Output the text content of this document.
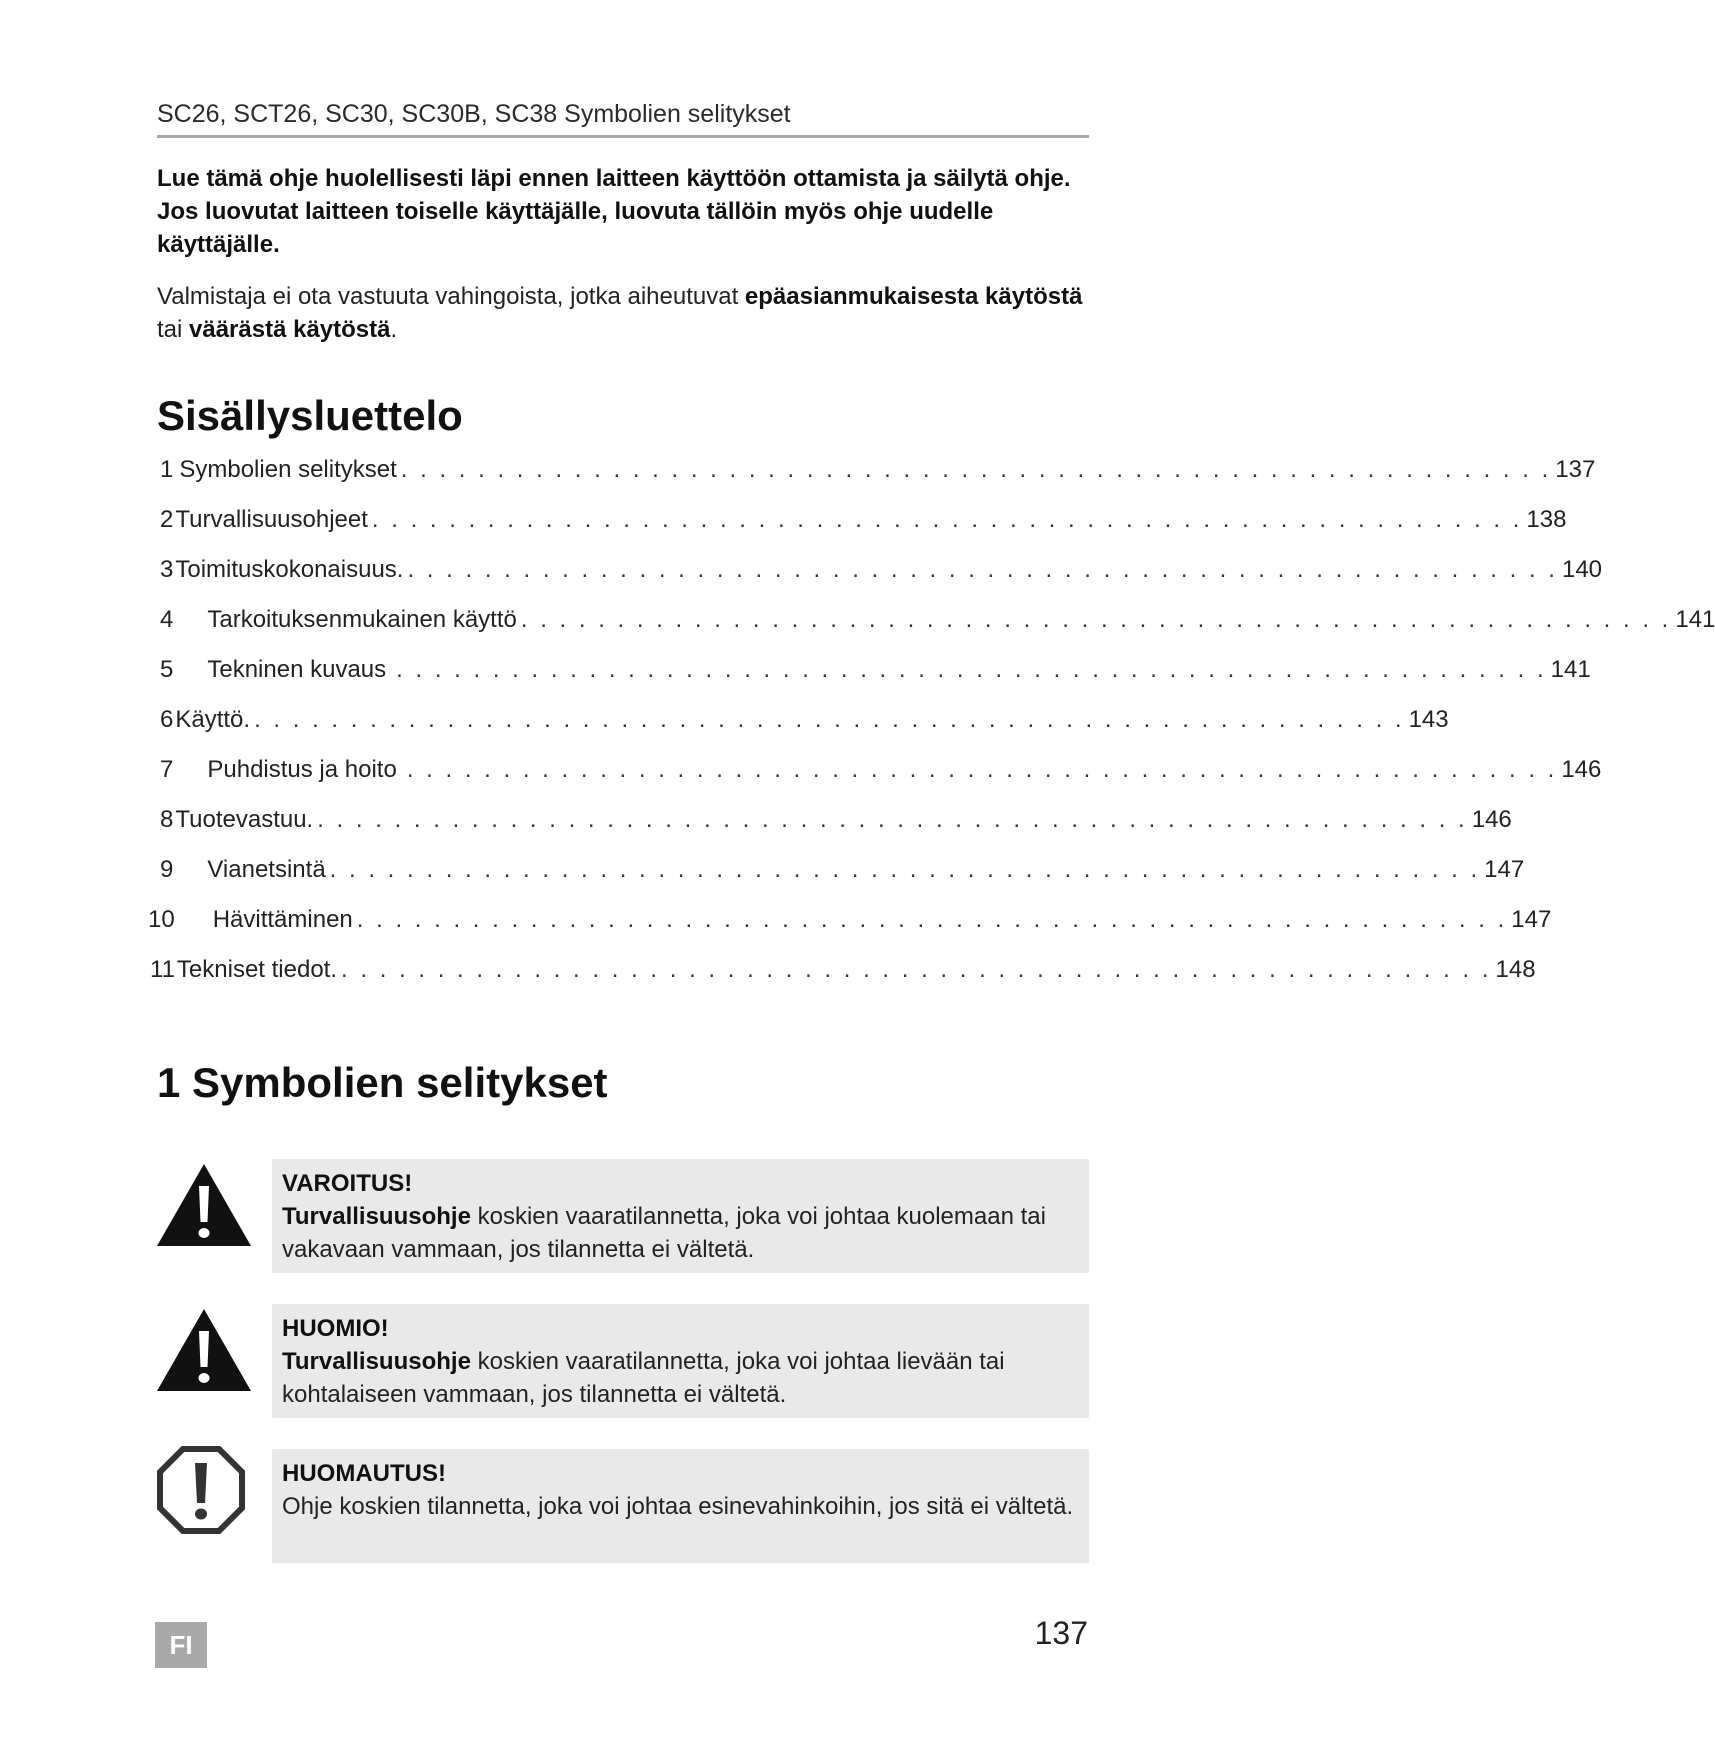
SC26, SCT26, SC30, SC30B, SC38 Symbolien selitykset
Lue tämä ohje huolellisesti läpi ennen laitteen käyttöön ottamista ja säilytä ohje. Jos luovutat laitteen toiselle käyttäjälle, luovuta tällöin myös ohje uudelle käyttäjälle.
Valmistaja ei ota vastuuta vahingoista, jotka aiheutuvat epäasianmukaisesta käytöstä tai väärästä käytöstä.
Sisällysluettelo
1 Symbolien selitykset . . . . . . . . . . . . . . . . . . . . . . . . . . . . . . . . . . . . . . . . . . . . . . . . . . . . . . . . . . . . 137
2 Turvallisuusohjeet . . . . . . . . . . . . . . . . . . . . . . . . . . . . . . . . . . . . . . . . . . . . . . . . . . . . . . . . . . . . 138
3 Toimituskokonaisuus. . . . . . . . . . . . . . . . . . . . . . . . . . . . . . . . . . . . . . . . . . . . . . . . . . . . . . . . . . . . . 140
4 Tarkoituksenmukainen käyttö . . . . . . . . . . . . . . . . . . . . . . . . . . . . . . . . . . . . . . . . . . . . . . . . . . . . . . . . . . . . 141
5 Tekninen kuvaus . . . . . . . . . . . . . . . . . . . . . . . . . . . . . . . . . . . . . . . . . . . . . . . . . . . . . . . . . . . . 141
6 Käyttö. . . . . . . . . . . . . . . . . . . . . . . . . . . . . . . . . . . . . . . . . . . . . . . . . . . . . . . . . . . . . 143
7 Puhdistus ja hoito . . . . . . . . . . . . . . . . . . . . . . . . . . . . . . . . . . . . . . . . . . . . . . . . . . . . . . . . . . . . 146
8 Tuotevastuu. . . . . . . . . . . . . . . . . . . . . . . . . . . . . . . . . . . . . . . . . . . . . . . . . . . . . . . . . . . . . 146
9 Vianetsintä . . . . . . . . . . . . . . . . . . . . . . . . . . . . . . . . . . . . . . . . . . . . . . . . . . . . . . . . . . . . 147
10 Hävittäminen . . . . . . . . . . . . . . . . . . . . . . . . . . . . . . . . . . . . . . . . . . . . . . . . . . . . . . . . . . . . 147
11 Tekniset tiedot. . . . . . . . . . . . . . . . . . . . . . . . . . . . . . . . . . . . . . . . . . . . . . . . . . . . . . . . . . . . . 148
1 Symbolien selitykset
VAROITUS!
Turvallisuusohje koskien vaaratilannetta, joka voi johtaa kuolemaan tai vakavaan vammaan, jos tilannetta ei vältetä.
HUOMIO!
Turvallisuusohje koskien vaaratilannetta, joka voi johtaa lievään tai kohtalaiseen vammaan, jos tilannetta ei vältetä.
HUOMAUTUS!
Ohje koskien tilannetta, joka voi johtaa esinevahinkoihin, jos sitä ei vältetä.
FI	137
